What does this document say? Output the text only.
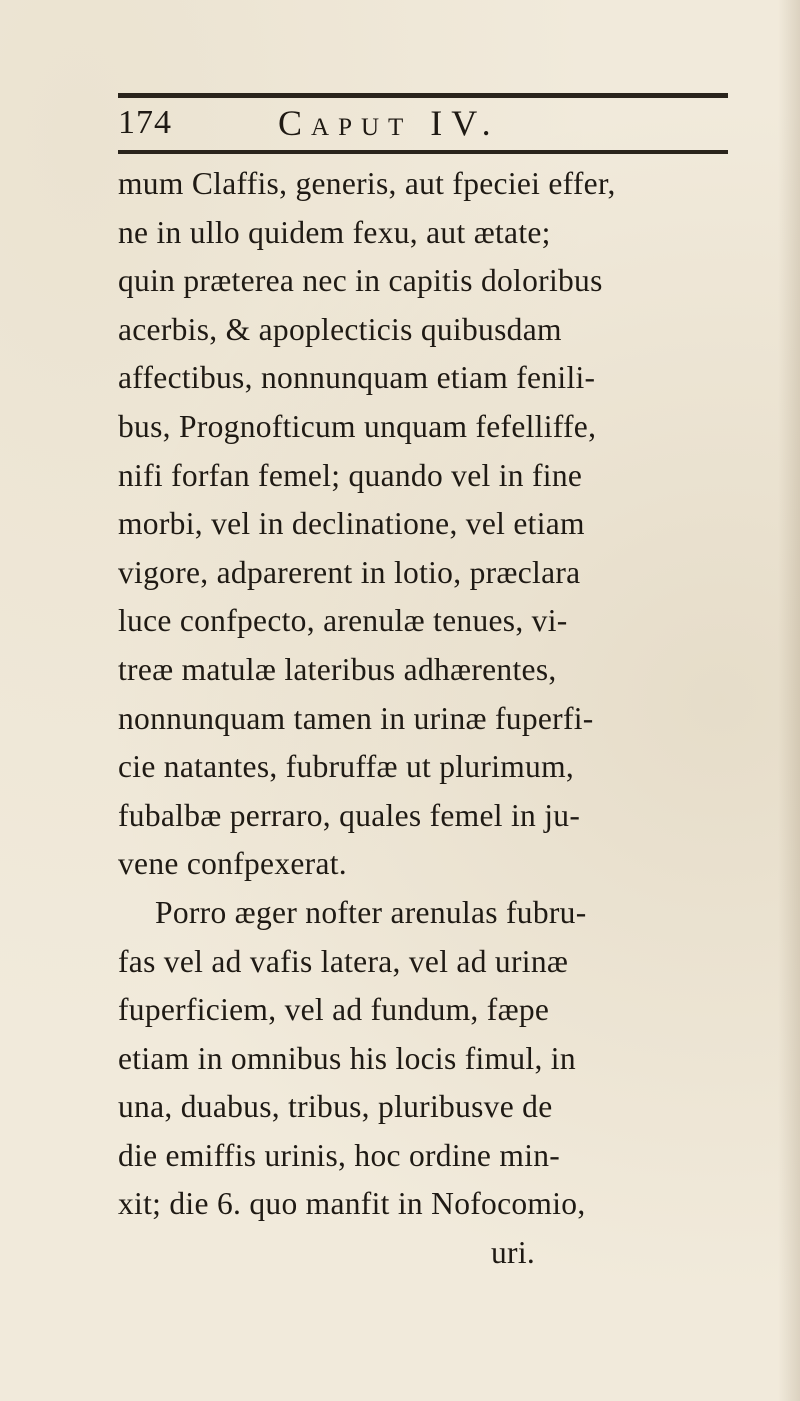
174	Caput IV.
mum Claffis, generis, aut fpeciei effer,
ne in ullo quidem fexu, aut ætate;
quin præterea nec in capitis doloribus
acerbis, & apoplecticis quibusdam
affectibus, nonnunquam etiam fenili-
bus, Prognofticum unquam fefelliffe,
nifi forfan femel; quando vel in fine
morbi, vel in declinatione, vel etiam
vigore, adparerent in lotio, præclara
luce confpecto, arenulæ tenues, vi-
treæ matulæ lateribus adhærentes,
nonnunquam tamen in urinæ fuperfi-
cie natantes, fubruffæ ut plurimum,
fubalbæ perraro, quales femel in ju-
vene confpexerat.
Porro æger nofter arenulas fubru-
fas vel ad vafis latera, vel ad urinæ
fuperficiem, vel ad fundum, fæpe
etiam in omnibus his locis fimul, in
una, duabus, tribus, pluribusve de
die emiffis urinis, hoc ordine min-
xit; die 6. quo manfit in Nofocomio,
uri.
